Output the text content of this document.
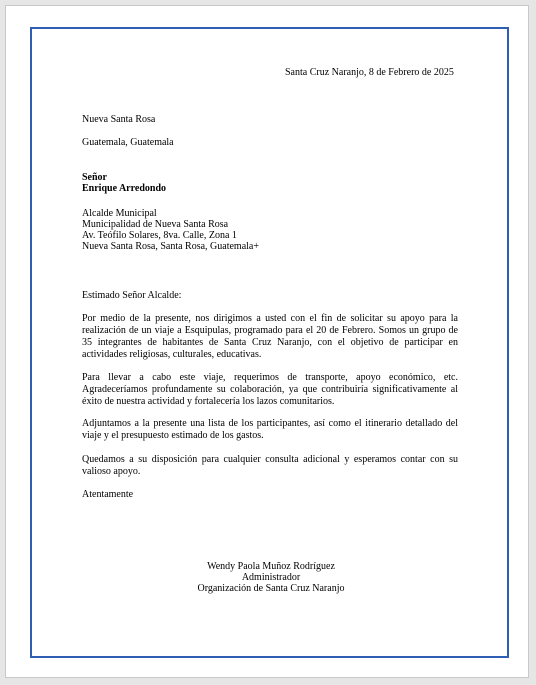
Santa Cruz Naranjo, 8 de Febrero de 2025
Nueva Santa Rosa
Guatemala, Guatemala
Señor
Enrique Arredondo
Alcalde Municipal
Municipalidad de Nueva Santa Rosa
Av. Teófilo Solares, 8va. Calle, Zona 1
Nueva Santa Rosa, Santa Rosa, Guatemala+
Estimado Señor Alcalde:
Por medio de la presente, nos dirigimos a usted con el fin de solicitar su apoyo para la realización de un viaje a Esquipulas, programado para el 20 de Febrero. Somos un grupo de 35 integrantes de habitantes de Santa Cruz Naranjo, con el objetivo de participar en actividades religiosas, culturales, educativas.
Para llevar a cabo este viaje, requerimos de transporte, apoyo económico, etc. Agradeceríamos profundamente su colaboración, ya que contribuiría significativamente al éxito de nuestra actividad y fortalecería los lazos comunitarios.
Adjuntamos a la presente una lista de los participantes, así como el itinerario detallado del viaje y el presupuesto estimado de los gastos.
Quedamos a su disposición para cualquier consulta adicional y esperamos contar con su valioso apoyo.
Atentamente
Wendy Paola Muñoz Rodríguez
Administrador
Organización de Santa Cruz Naranjo
